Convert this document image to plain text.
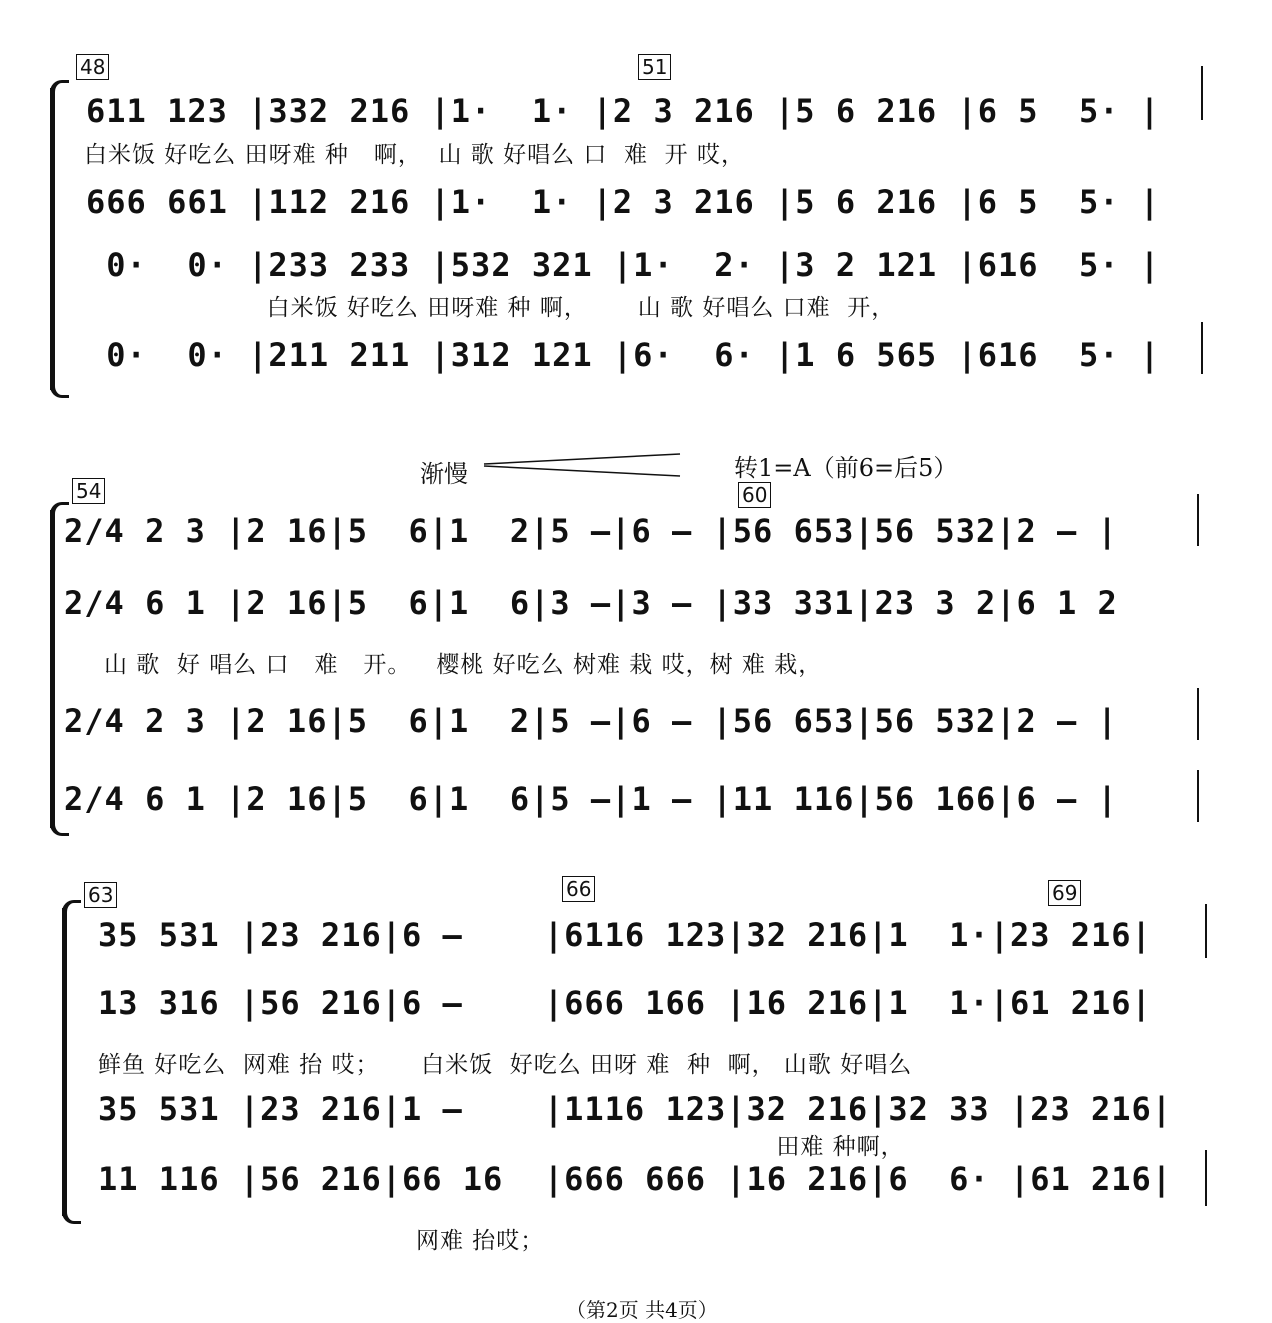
48	51
611 123 |332 216 |1·  1· |2 3 216 |5 6 216 |6 5  5· |
白米饭 好吃么 田呀难 种   啊，  山 歌 好唱么 口  难  开 哎，
666 661 |112 216 |1·  1· |2 3 216 |5 6 216 |6 5  5· |
0·  0· |233 233 |532 321 |1·  2· |3 2 121 |616  5· |
白米饭 好吃么 田呀难 种 啊，      山 歌 好唱么 口难  开，
0·  0· |211 211 |312 121 |6·  6· |1 6 565 |616  5· |
渐慢	转1=A（前6=后5）
54	60
2/4 2 3 |2 16|5  6|1  2|5 –|6 – |56 653|56 532|2 – |
2/4 6 1 |2 16|5  6|1  6|3 –|3 – |33 331|23 3 2|6 1 2
山 歌  好 唱么 口   难   开。   樱桃 好吃么 树难 栽 哎，树 难 栽，
2/4 2 3 |2 16|5  6|1  2|5 –|6 – |56 653|56 532|2 – |
2/4 6 1 |2 16|5  6|1  6|5 –|1 – |11 116|56 166|6 – |
63	66	69
35 531 |23 216|6 –    |6116 123|32 216|1  1·|23 216|
13 316 |56 216|6 –    |666 166 |16 216|1  1·|61 216|
鲜鱼 好吃么  网难 抬 哎；     白米饭  好吃么 田呀 难  种  啊， 山歌 好唱么
35 531 |23 216|1 –    |1116 123|32 216|32 33 |23 216|
田难 种啊，
11 116 |56 216|66 16  |666 666 |16 216|6  6· |61 216|
网难 抬哎；
（第2页 共4页）
